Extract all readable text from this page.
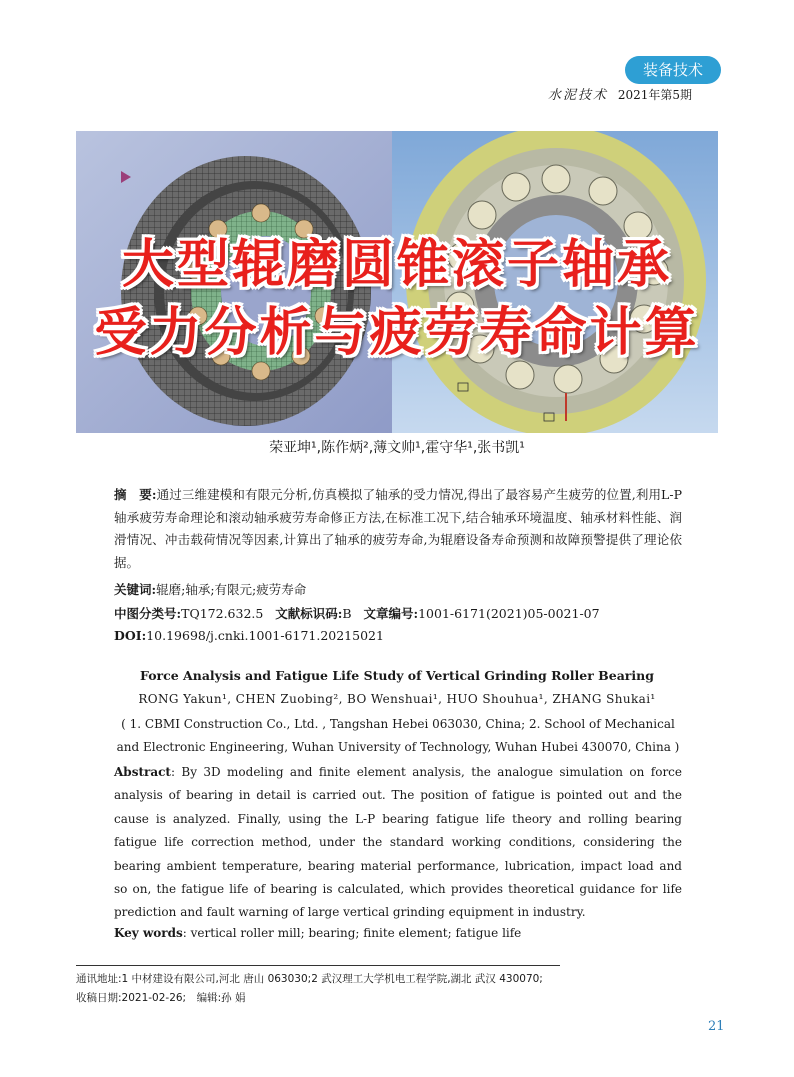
装备技术
水泥技术 2021年第5期
大型辊磨圆锥滚子轴承
受力分析与疲劳寿命计算
荣亚坤¹,陈作炳²,薄文帅¹,霍守华¹,张书凯¹
摘　要:通过三维建模和有限元分析,仿真模拟了轴承的受力情况,得出了最容易产生疲劳的位置,利用L-P轴承疲劳寿命理论和滚动轴承疲劳寿命修正方法,在标准工况下,结合轴承环境温度、轴承材料性能、润滑情况、冲击载荷情况等因素,计算出了轴承的疲劳寿命,为辊磨设备寿命预测和故障预警提供了理论依据。
关键词:辊磨;轴承;有限元;疲劳寿命
中图分类号:TQ172.632.5 文献标识码:B 文章编号:1001-6171(2021)05-0021-07
DOI:10.19698/j.cnki.1001-6171.20215021
Force Analysis and Fatigue Life Study of Vertical Grinding Roller Bearing
RONG Yakun¹, CHEN Zuobing², BO Wenshuai¹, HUO Shouhua¹, ZHANG Shukai¹
( 1. CBMI Construction Co., Ltd. , Tangshan Hebei 063030, China; 2. School of Mechanical and Electronic Engineering, Wuhan University of Technology, Wuhan Hubei 430070, China )
Abstract: By 3D modeling and finite element analysis, the analogue simulation on force analysis of bearing in detail is carried out. The position of fatigue is pointed out and the cause is analyzed. Finally, using the L-P bearing fatigue life theory and rolling bearing fatigue life correction method, under the standard working conditions, considering the bearing ambient temperature, bearing material performance, lubrication, impact load and so on, the fatigue life of bearing is calculated, which provides theoretical guidance for life prediction and fault warning of large vertical grinding equipment in industry.
Key words: vertical roller mill; bearing; finite element; fatigue life
通讯地址:1 中材建设有限公司,河北 唐山 063030;2 武汉理工大学机电工程学院,湖北 武汉 430070;
收稿日期:2021-02-26;　编辑:孙 娟
21
